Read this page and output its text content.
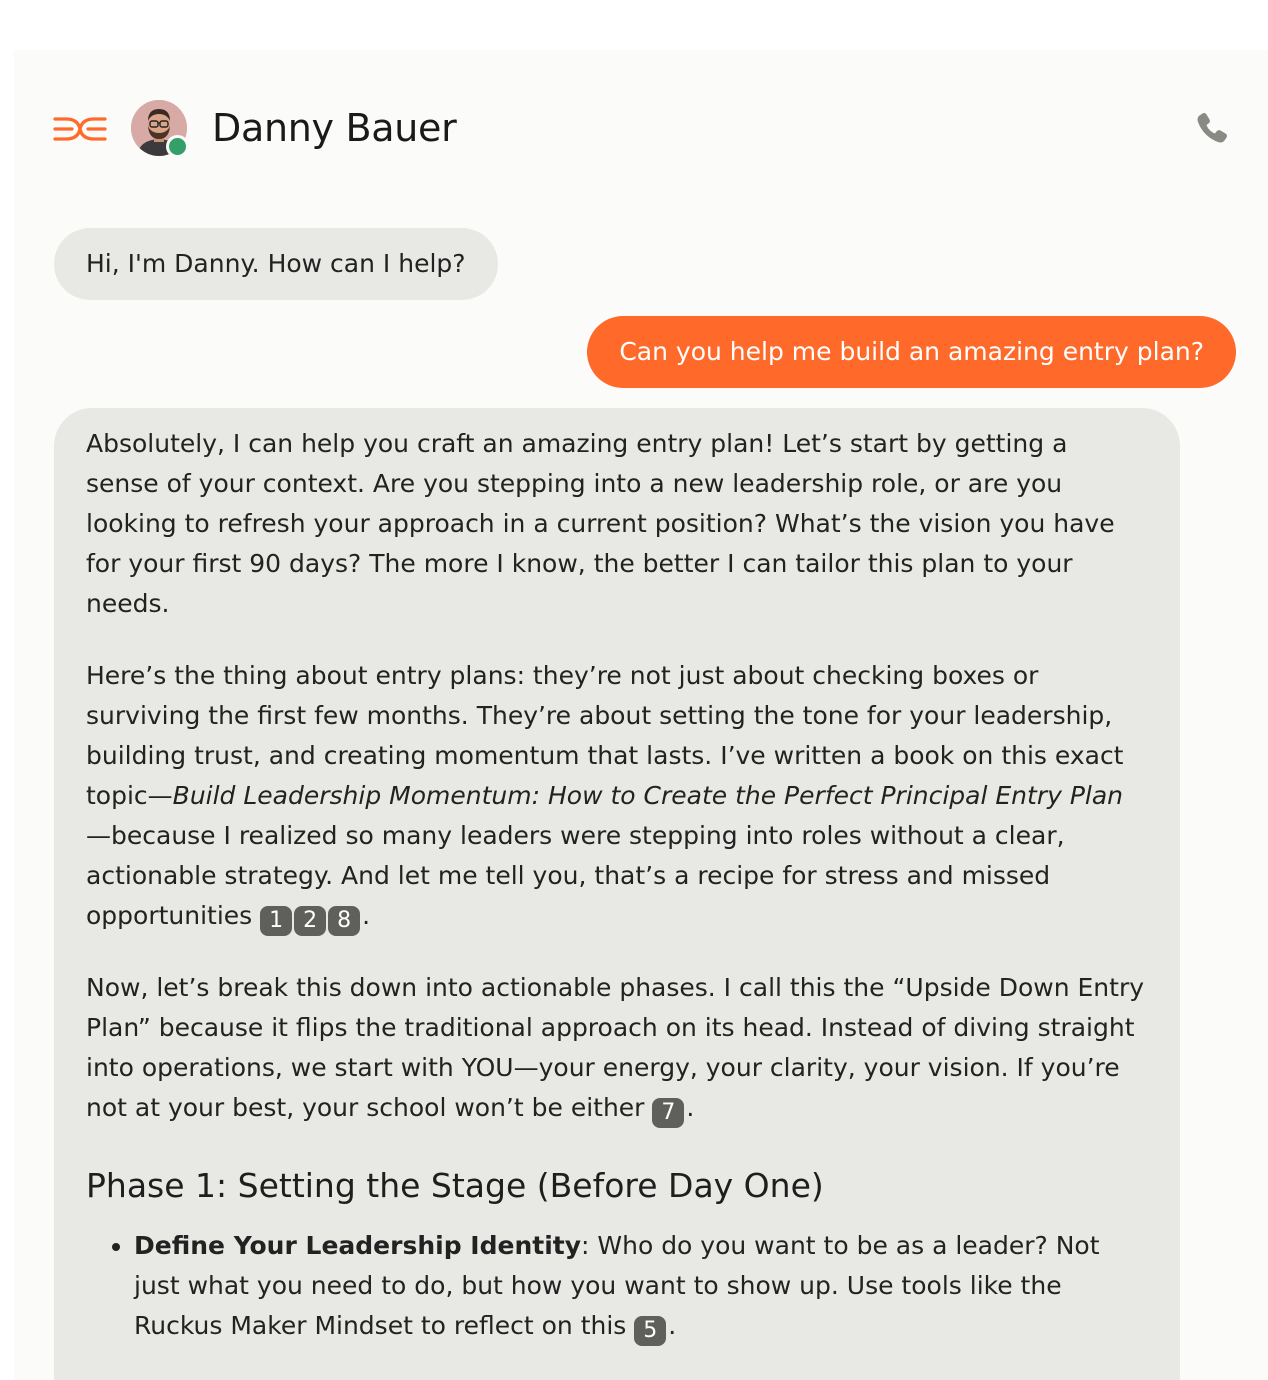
Danny Bauer
Hi, I'm Danny. How can I help?
Can you help me build an amazing entry plan?

Absolutely, I can help you craft an amazing entry plan! Let’s start by getting a sense of your context. Are you stepping into a new leadership role, or are you looking to refresh your approach in a current position? What’s the vision you have for your first 90 days? The more I know, the better I can tailor this plan to your needs.

Here’s the thing about entry plans: they’re not just about checking boxes or surviving the first few months. They’re about setting the tone for your leadership, building trust, and creating momentum that lasts. I’ve written a book on this exact topic—Build Leadership Momentum: How to Create the Perfect Principal Entry Plan—because I realized so many leaders were stepping into roles without a clear, actionable strategy. And let me tell you, that’s a recipe for stress and missed opportunities 1 2 8 .

Now, let’s break this down into actionable phases. I call this the “Upside Down Entry Plan” because it flips the traditional approach on its head. Instead of diving straight into operations, we start with YOU—your energy, your clarity, your vision. If you’re not at your best, your school won’t be either 7 .

Phase 1: Setting the Stage (Before Day One)
• Define Your Leadership Identity: Who do you want to be as a leader? Not just what you need to do, but how you want to show up. Use tools like the Ruckus Maker Mindset to reflect on this 5 .
